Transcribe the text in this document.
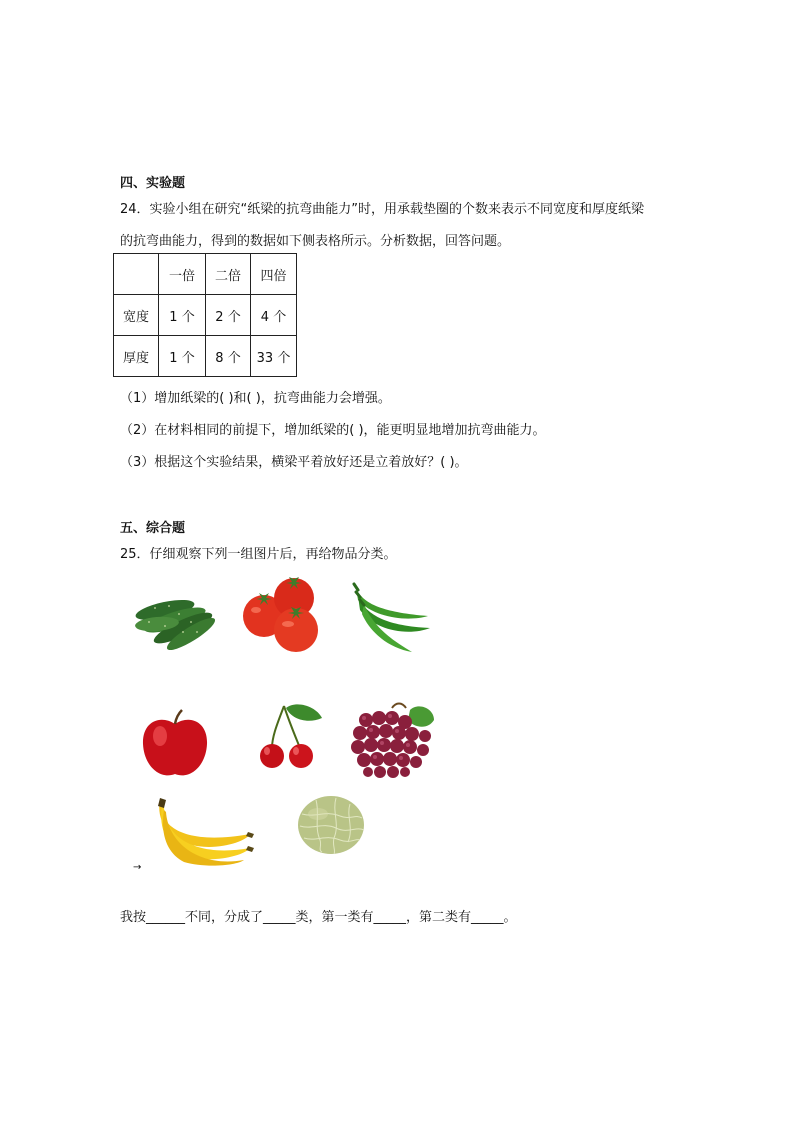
四、实验题
24．实验小组在研究“纸梁的抗弯曲能力”时，用承载垫圈的个数来表示不同宽度和厚度纸梁
的抗弯曲能力，得到的数据如下侧表格所示。分析数据，回答问题。
	一倍	二倍	四倍
宽度	1 个	2 个	4 个
厚度	1 个	8 个	33 个
（1）增加纸梁的( )和( )，抗弯曲能力会增强。
（2）在材料相同的前提下，增加纸梁的( )，能更明显地增加抗弯曲能力。
（3）根据这个实验结果，横梁平着放好还是立着放好？( )。
五、综合题
25．仔细观察下列一组图片后，再给物品分类。
→
我按______不同，分成了_____类，第一类有_____，第二类有_____。
